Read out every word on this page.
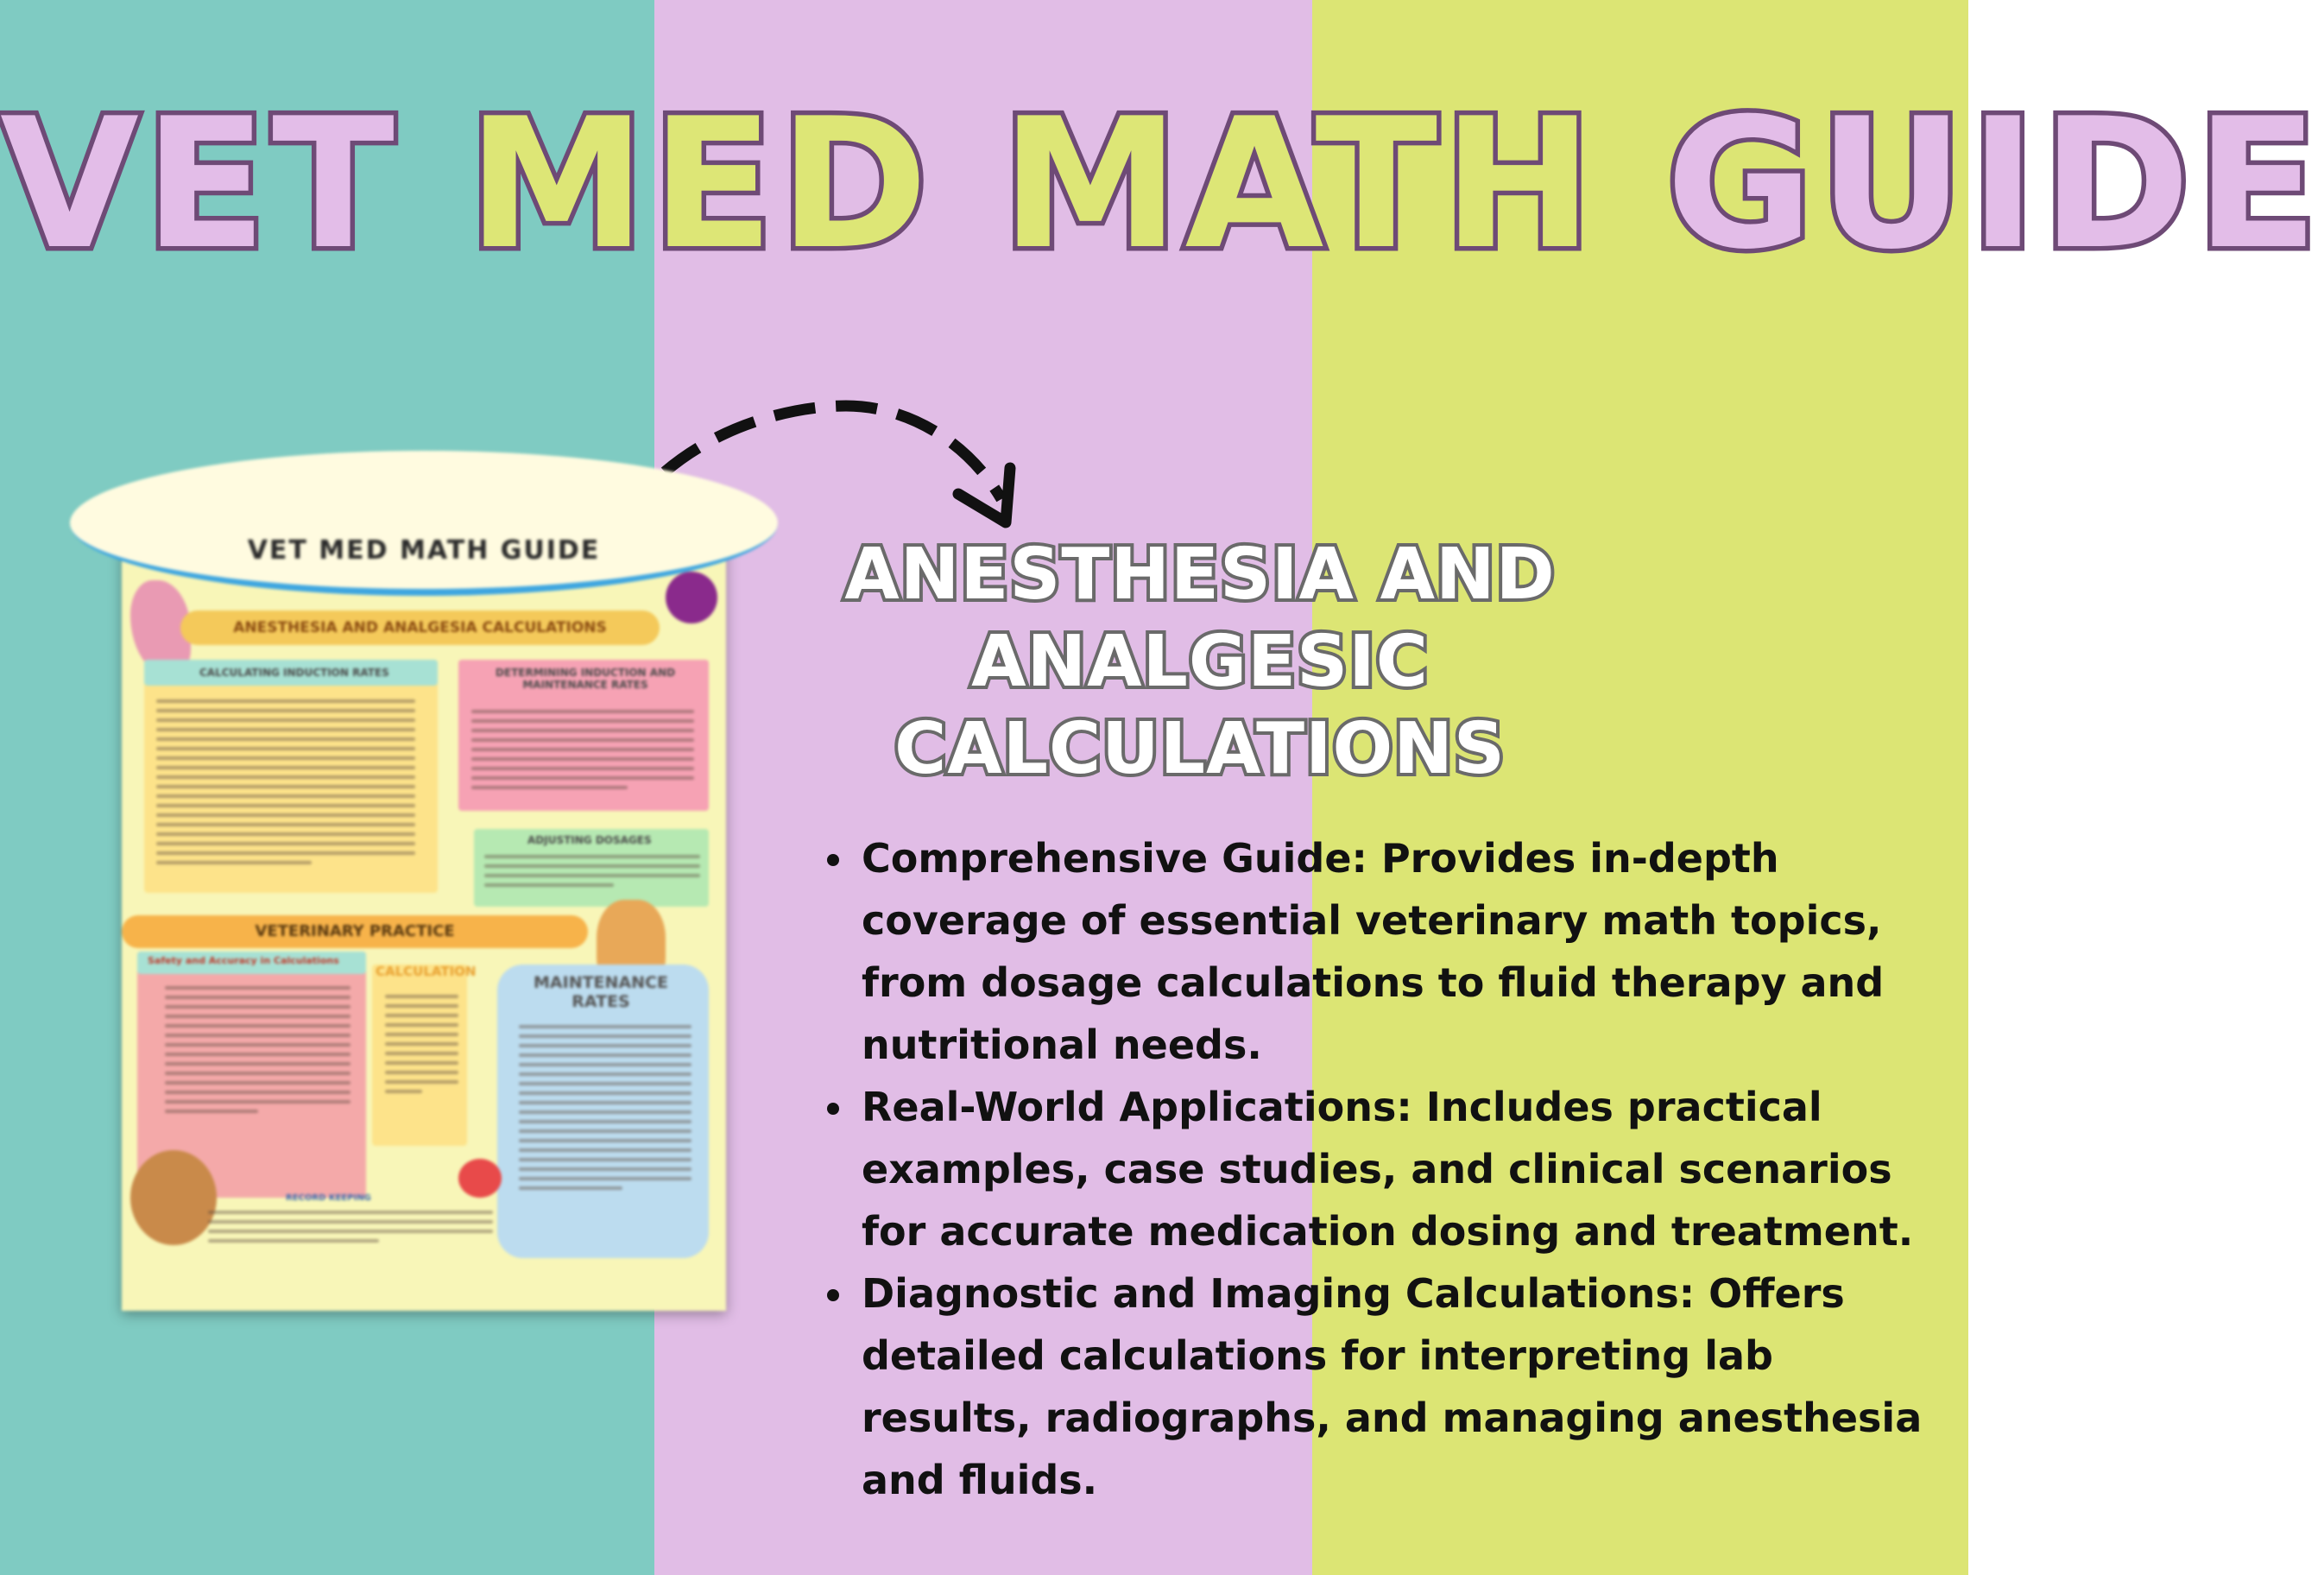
VET MED MATH GUIDE
VET MED MATH GUIDE
ANESTHESIA AND ANALGESIA CALCULATIONS
CALCULATING INDUCTION RATES	DETERMINING INDUCTION AND MAINTENANCE RATES
ADJUSTING DOSAGES
VETERINARY PRACTICE
Safety and Accuracy in Calculations
CALCULATION
MAINTENANCE RATES
RECORD KEEPING
ANESTHESIA AND
ANALGESIC
CALCULATIONS
Comprehensive Guide: Provides in-depth coverage of essential veterinary math topics, from dosage calculations to fluid therapy and nutritional needs.
Real-World Applications: Includes practical examples, case studies, and clinical scenarios for accurate medication dosing and treatment.
Diagnostic and Imaging Calculations: Offers detailed calculations for interpreting lab results, radiographs, and managing anesthesia and fluids.
